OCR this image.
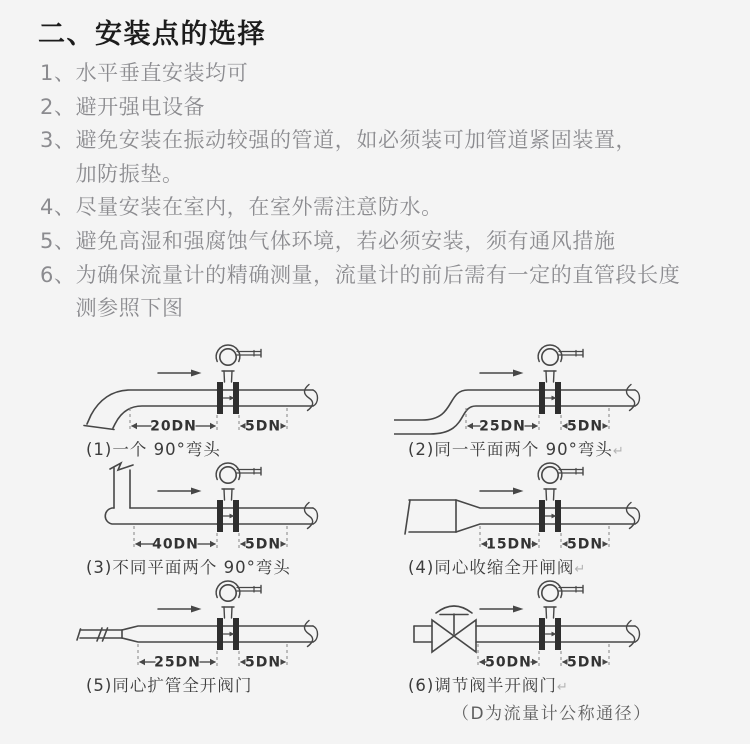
二、安装点的选择
1、 水平垂直安装均可
2、 避开强电设备
3、 避免安装在振动较强的管道，如必须装可加管道紧固装置，
加防振垫。
4、 尽量安装在室内，在室外需注意防水。
5、 避免高湿和强腐蚀气体环境，若必须安装，须有通风措施
6、 为确保流量计的精确测量，流量计的前后需有一定的直管段长度
测参照下图
20DN	5DN
(1)一个 90°弯头
25DN	5DN
(2)同一平面两个 90°弯头↵
40DN	5DN
(3)不同平面两个 90°弯头
15DN 5DN
(4)同心收缩全开闸阀↵
25DN	5DN
(5)同心扩管全开阀门
50DN	5DN
(6)调节阀半开阀门↵
（D为流量计公称通径）
